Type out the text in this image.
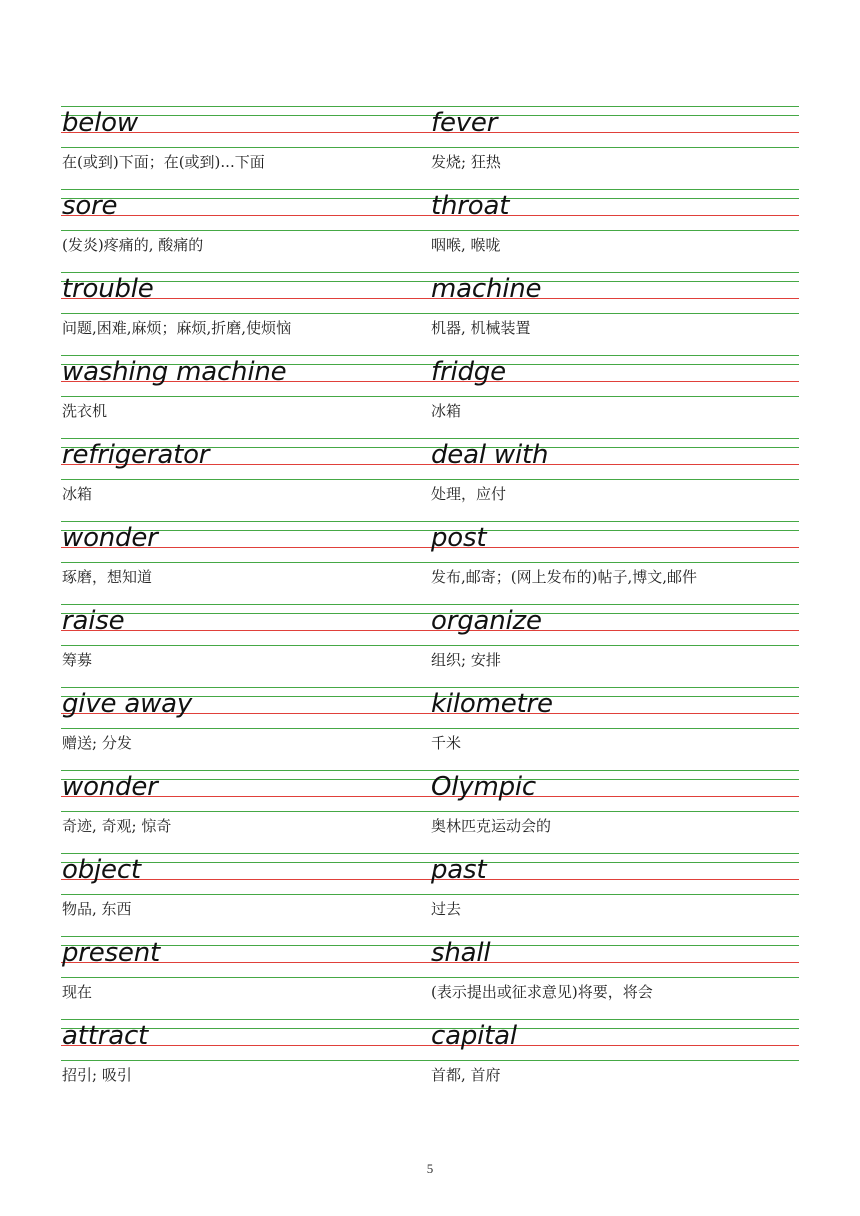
below
在(或到)下面；在(或到)...下面
fever
发烧; 狂热
sore
(发炎)疼痛的, 酸痛的
throat
咽喉, 喉咙
trouble
问题,困难,麻烦；麻烦,折磨,使烦恼
machine
机器, 机械装置
washing machine
洗衣机
fridge
冰箱
refrigerator
冰箱
deal with
处理，应付
wonder
琢磨，想知道
post
发布,邮寄；(网上发布的)帖子,博文,邮件
raise
筹募
organize
组织; 安排
give away
赠送; 分发
kilometre
千米
wonder
奇迹, 奇观; 惊奇
Olympic
奥林匹克运动会的
object
物品, 东西
past
过去
present
现在
shall
(表示提出或征求意见)将要，将会
attract
招引; 吸引
capital
首都, 首府
5
